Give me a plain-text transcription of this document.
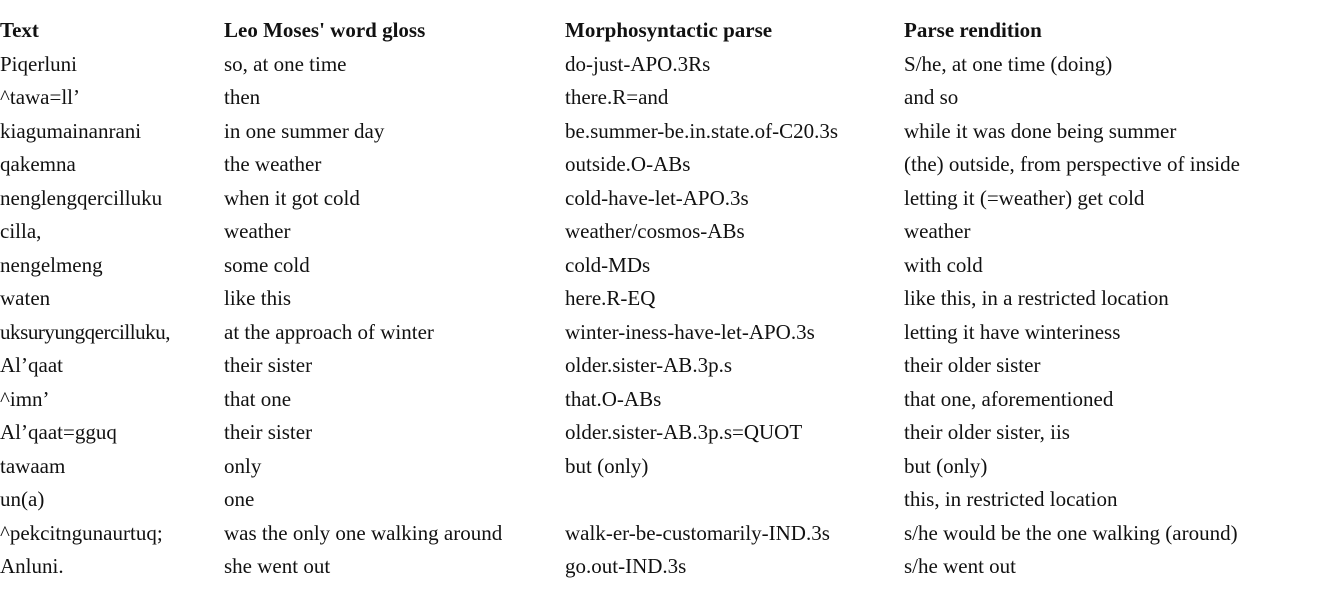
Text	Leo Moses' word gloss	Morphosyntactic parse	Parse rendition
Piqerluni	so, at one time	do-just-APO.3Rs	S/he, at one time (doing)
^tawa=ll’	then	there.R=and	and so
kiagumainanrani	in one summer day	be.summer-be.in.state.of-C20.3s	while it was done being summer
qakemna	the weather	outside.O-ABs	(the) outside, from perspective of inside
nenglengqercilluku	when it got cold	cold-have-let-APO.3s	letting it (=weather) get cold
cilla,	weather	weather/cosmos-ABs	weather
nengelmeng	some cold	cold-MDs	with cold
waten	like this	here.R-EQ	like this, in a restricted location
uksuryungqercilluku,	at the approach of winter	winter-iness-have-let-APO.3s	letting it have winteriness
Al’qaat	their sister	older.sister-AB.3p.s	their older sister
^imn’	that one	that.O-ABs	that one, aforementioned
Al’qaat=gguq	their sister	older.sister-AB.3p.s=QUOT	their older sister, iis
tawaam	only	but (only)	but (only)
un(a)	one		this, in restricted location
^pekcitngunaurtuq;	was the only one walking around	walk-er-be-customarily-IND.3s	s/he would be the one walking (around)
Anluni.	she went out	go.out-IND.3s	s/he went out
